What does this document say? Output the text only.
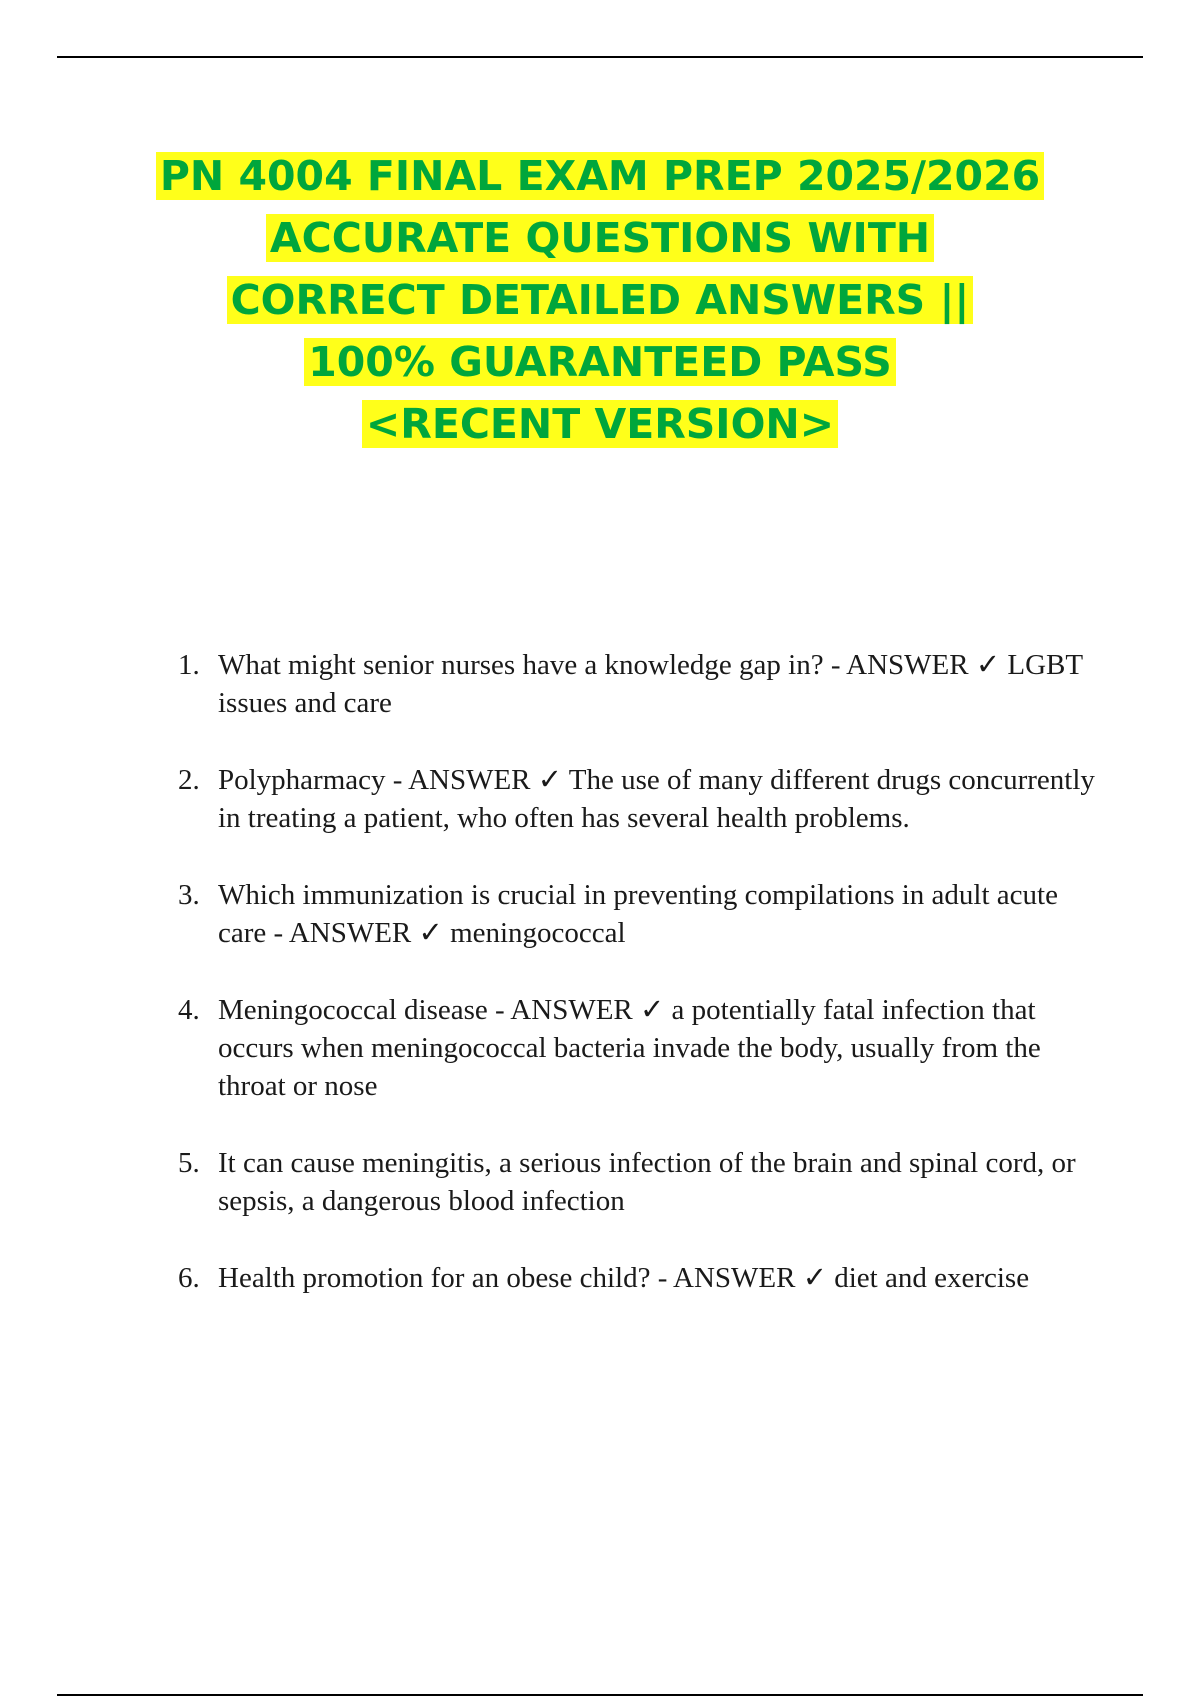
PN 4004 FINAL EXAM PREP 2025/2026
ACCURATE QUESTIONS WITH
CORRECT DETAILED ANSWERS ||
100% GUARANTEED PASS
<RECENT VERSION>
1. What might senior nurses have a knowledge gap in? - ANSWER ✓ LGBT issues and care
2. Polypharmacy - ANSWER ✓ The use of many different drugs concurrently in treating a patient, who often has several health problems.
3. Which immunization is crucial in preventing compilations in adult acute care - ANSWER ✓ meningococcal
4. Meningococcal disease - ANSWER ✓ a potentially fatal infection that occurs when meningococcal bacteria invade the body, usually from the throat or nose
5. It can cause meningitis, a serious infection of the brain and spinal cord, or sepsis, a dangerous blood infection
6. Health promotion for an obese child? - ANSWER ✓ diet and exercise
